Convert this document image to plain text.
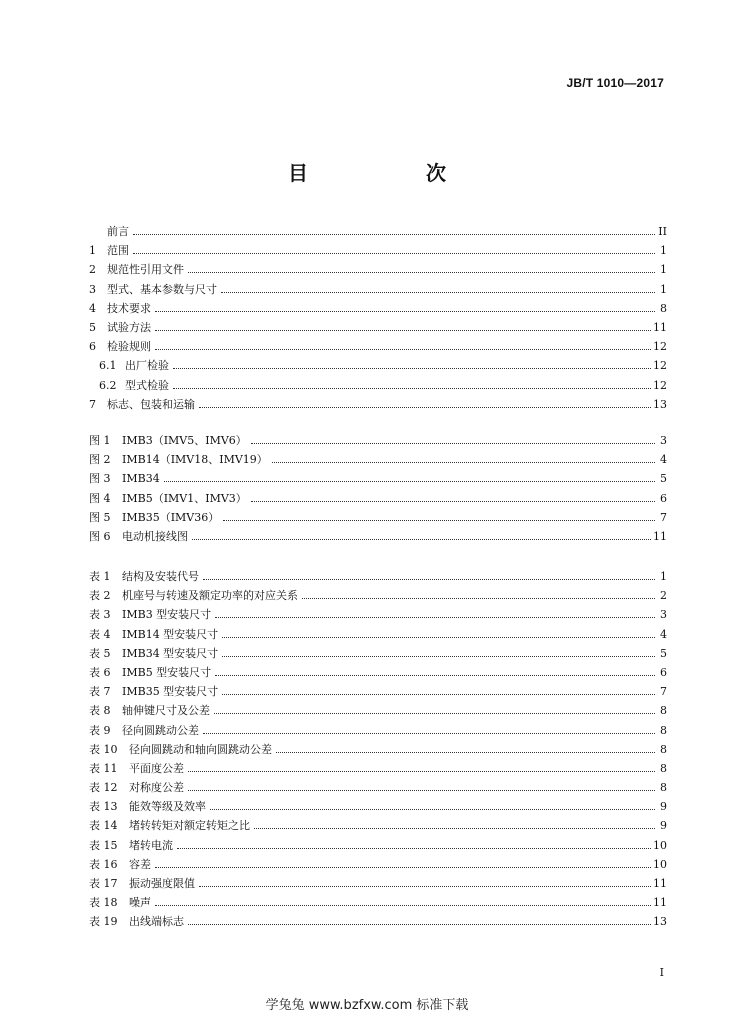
JB/T 1010—2017
目　　次
前言	II
1	范围	1
2	规范性引用文件	1
3	型式、基本参数与尺寸	1
4	技术要求	8
5	试验方法	11
6	检验规则	12
6.1 出厂检验	12
6.2 型式检验	12
7	标志、包装和运输	13
图 1	IMB3（IMV5、IMV6）	3
图 2	IMB14（IMV18、IMV19）	4
图 3	IMB34	5
图 4	IMB5（IMV1、IMV3）	6
图 5	IMB35（IMV36）	7
图 6	电动机接线图	11
表 1	结构及安装代号	1
表 2	机座号与转速及额定功率的对应关系	2
表 3	IMB3 型安装尺寸	3
表 4	IMB14 型安装尺寸	4
表 5	IMB34 型安装尺寸	5
表 6	IMB5 型安装尺寸	6
表 7	IMB35 型安装尺寸	7
表 8	轴伸键尺寸及公差	8
表 9	径向圆跳动公差	8
表 10	径向圆跳动和轴向圆跳动公差	8
表 11	平面度公差	8
表 12	对称度公差	8
表 13	能效等级及效率	9
表 14	堵转转矩对额定转矩之比	9
表 15	堵转电流	10
表 16	容差	10
表 17	振动强度限值	11
表 18	噪声	11
表 19	出线端标志	13
I
学兔兔 www.bzfxw.com 标准下载
